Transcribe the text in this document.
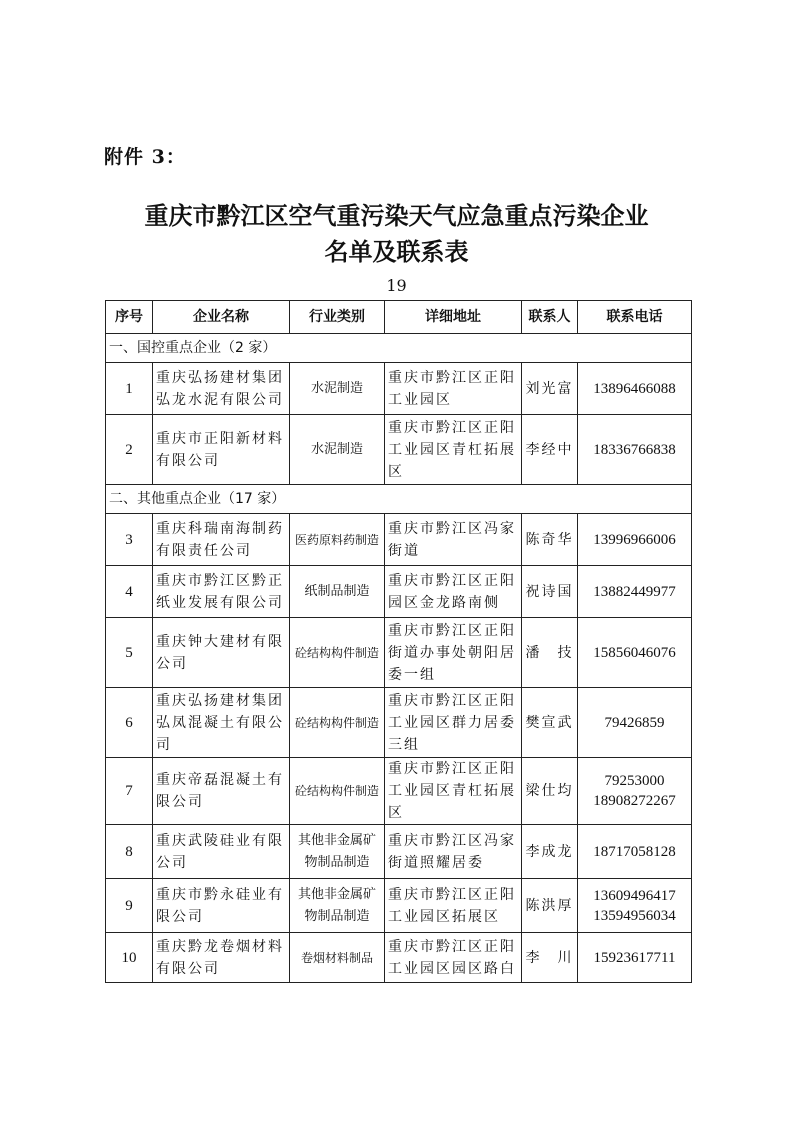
附件 3：
重庆市黔江区空气重污染天气应急重点污染企业
名单及联系表
19
序号	企业名称	行业类别	详细地址	联系人	联系电话
一、国控重点企业（2 家）					
1	重庆弘扬建材集团弘龙水泥有限公司	水泥制造	重庆市黔江区正阳工业园区	刘光富	13896466088

2	重庆市正阳新材料有限公司	水泥制造	重庆市黔江区正阳工业园区青杠拓展区	李经中	18336766838

二、其他重点企业（17 家）					
3	重庆科瑞南海制药有限责任公司	医药原料药制造	重庆市黔江区冯家街道	陈奇华	13996966006

4	重庆市黔江区黔正纸业发展有限公司	纸制品制造	重庆市黔江区正阳园区金龙路南侧	祝诗国	13882449977

5	重庆钟大建材有限公司	砼结构构件制造	重庆市黔江区正阳街道办事处朝阳居委一组	潘　技	15856046076

6	重庆弘扬建材集团弘凤混凝土有限公司	砼结构构件制造	重庆市黔江区正阳工业园区群力居委三组	樊宣武	79426859

7	重庆帝磊混凝土有限公司	砼结构构件制造	重庆市黔江区正阳工业园区青杠拓展区	梁仕均	79253000
18908272267

8	重庆武陵硅业有限公司	其他非金属矿物制品制造	重庆市黔江区冯家街道照耀居委	李成龙	18717058128

9	重庆市黔永硅业有限公司	其他非金属矿物制品制造	重庆市黔江区正阳工业园区拓展区	陈洪厚	13609496417
13594956034

10	重庆黔龙卷烟材料有限公司	卷烟材料制品	重庆市黔江区正阳工业园区园区路白	李　川	15923617711
